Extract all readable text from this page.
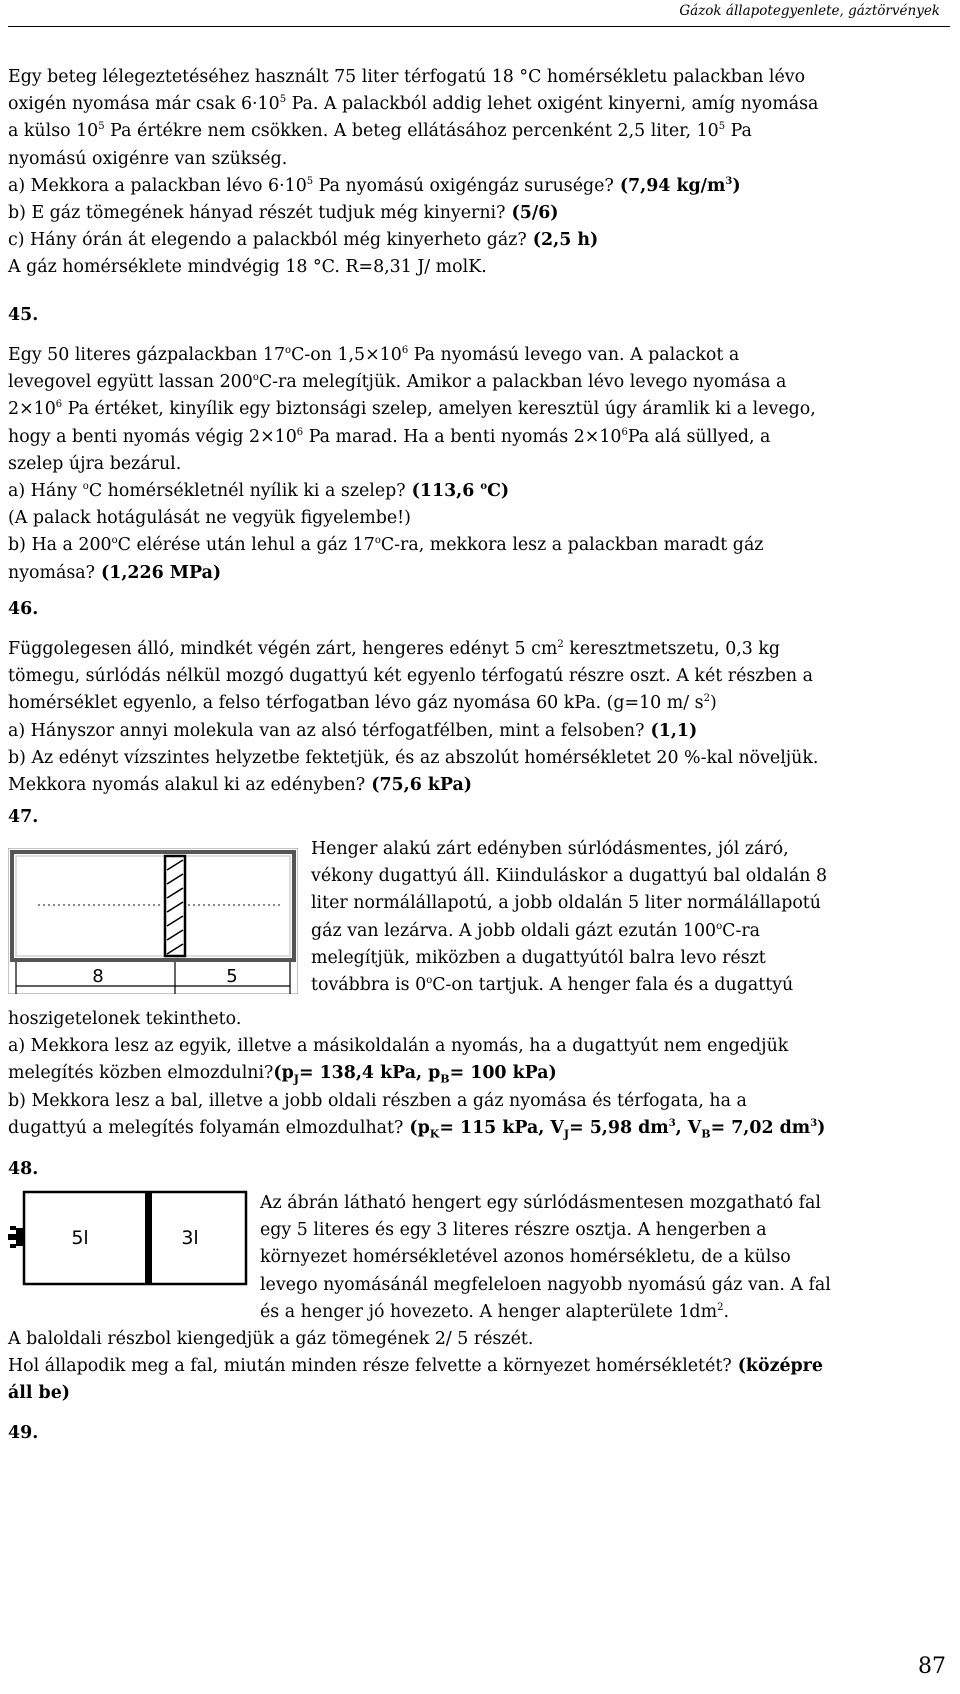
Gázok állapotegyenlete, gáztörvények
Egy beteg lélegeztetéséhez használt 75 liter térfogatú 18 °C homérsékletu palackban lévo
oxigén nyomása már csak $6\cdot 10^5$ Pa. A palackból addig lehet oxigént kinyerni, amíg nyomása
a külso $10^5$ Pa értékre nem csökken. A beteg ellátásához percenként 2,5 liter, $10^5$ Pa
nyomású oxigénre van szükség.
a) Mekkora a palackban lévo $6\cdot 10^5$ Pa nyomású oxigéngáz surusége? (7,94 $kg/m^3$)
b) E gáz tömegének hányad részét tudjuk még kinyerni? (5/6)
c) Hány órán át elegendo a palackból még kinyerheto gáz? (2,5 h)
A gáz homérséklete mindvégig 18 °C. R=8,31 J/ molK.
45.
Egy 50 literes gázpalackban 17$^o$C-on $1,5\times 10^6$ Pa nyomású levego van. A palackot a
levegovel együtt lassan 200$^o$C-ra melegítjük. Amikor a palackban lévo levego nyomása a
$2\times 10^6$ Pa értéket, kinyílik egy biztonsági szelep, amelyen keresztül úgy áramlik ki a levego,
hogy a benti nyomás végig $2\times 10^6$ Pa marad. Ha a benti nyomás $2\times 10^6Pa$ alá süllyed, a
szelep újra bezárul.
a) Hány $^o$C homérsékletnél nyílik ki a szelep? (113,6 $^o$C)
(A palack hotágulását ne vegyük figyelembe!)
b) Ha a 200$^o$C elérése után lehul a gáz 17$^o$C-ra, mekkora lesz a palackban maradt gáz
nyomása? (1,226 MPa)
46.
Függolegesen álló, mindkét végén zárt, hengeres edényt 5 $cm^2$ keresztmetszetu, 0,3 kg
tömegu, súrlódás nélkül mozgó dugattyú két egyenlo térfogatú részre oszt. A két részben a
homérséklet egyenlo, a felso térfogatban lévo gáz nyomása 60 kPa. (g=10 m/ $s^2$)
a) Hányszor annyi molekula van az alsó térfogatfélben, mint a felsoben? (1,1)
b) Az edényt vízszintes helyzetbe fektetjük, és az abszolút homérsékletet 20 %-kal növeljük.
Mekkora nyomás alakul ki az edényben? (75,6 kPa)
47.
8	5
Henger alakú zárt edényben súrlódásmentes, jól záró,
vékony dugattyú áll. Kiinduláskor a dugattyú bal oldalán 8
liter normálállapotú, a jobb oldalán 5 liter normálállapotú
gáz van lezárva. A jobb oldali gázt ezután 100$^o$C-ra
melegítjük, miközben a dugattyútól balra levo részt
továbbra is 0$^o$C-on tartjuk. A henger fala és a dugattyú
hoszigetelonek tekintheto.
a) Mekkora lesz az egyik, illetve a másikoldalán a nyomás, ha a dugattyút nem engedjük
melegítés közben $elmozdulni?(p_J= 138,4$ kPa, $p_B= 100$ kPa)
b) Mekkora lesz a bal, illetve a jobb oldali részben a gáz nyomása és térfogata, ha a
dugattyú a melegítés folyamán elmozdulhat? ($p_K= 115$ kPa, $V_J= 5,98$ $dm^3$, $V_B= 7,02$ $dm^3$)
48.
5l	3l
Az ábrán látható hengert egy súrlódásmentesen mozgatható fal
egy 5 literes és egy 3 literes részre osztja. A hengerben a
környezet homérsékletével azonos homérsékletu, de a külso
levego nyomásánál megfeleloen nagyobb nyomású gáz van. A fal
és a henger jó hovezeto. A henger alapterülete $1dm^2$.
A baloldali részbol kiengedjük a gáz tömegének 2/ 5 részét.
Hol állapodik meg a fal, miután minden része felvette a környezet homérsékletét? (középre
áll be)
49.
87
